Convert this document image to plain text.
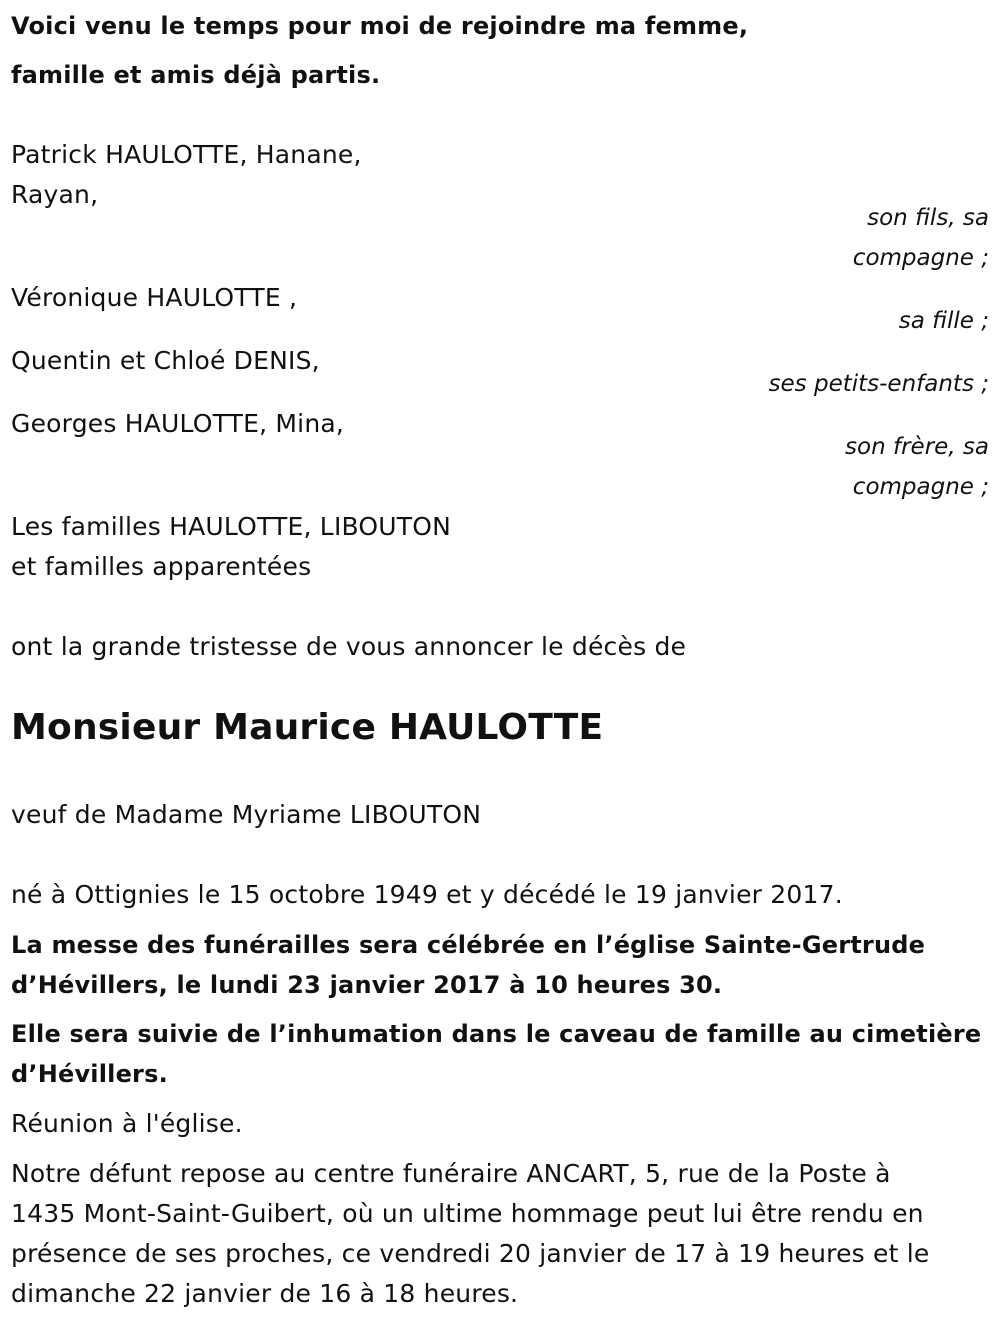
Voici venu le temps pour moi de rejoindre ma femme,

famille et amis déjà partis.

Patrick HAULOTTE, Hanane,

Rayan,

son fils, sa

compagne ;

Véronique HAULOTTE ,

sa fille ;

Quentin et Chloé DENIS,

ses petits-enfants ;

Georges HAULOTTE, Mina,

son frère, sa

compagne ;

Les familles HAULOTTE, LIBOUTON

et familles apparentées

ont la grande tristesse de vous annoncer le décès de

Monsieur Maurice HAULOTTE

veuf de Madame Myriame LIBOUTON

né à Ottignies le 15 octobre 1949 et y décédé le 19 janvier 2017.

La messe des funérailles sera célébrée en l’église Sainte-Gertrude

d’Hévillers, le lundi 23 janvier 2017 à 10 heures 30.

Elle sera suivie de l’inhumation dans le caveau de famille au cimetière

d’Hévillers.

Réunion à l'église.

Notre défunt repose au centre funéraire ANCART, 5, rue de la Poste à

1435 Mont-Saint-Guibert, où un ultime hommage peut lui être rendu en

présence de ses proches, ce vendredi 20 janvier de 17 à 19 heures et le

dimanche 22 janvier de 16 à 18 heures.
